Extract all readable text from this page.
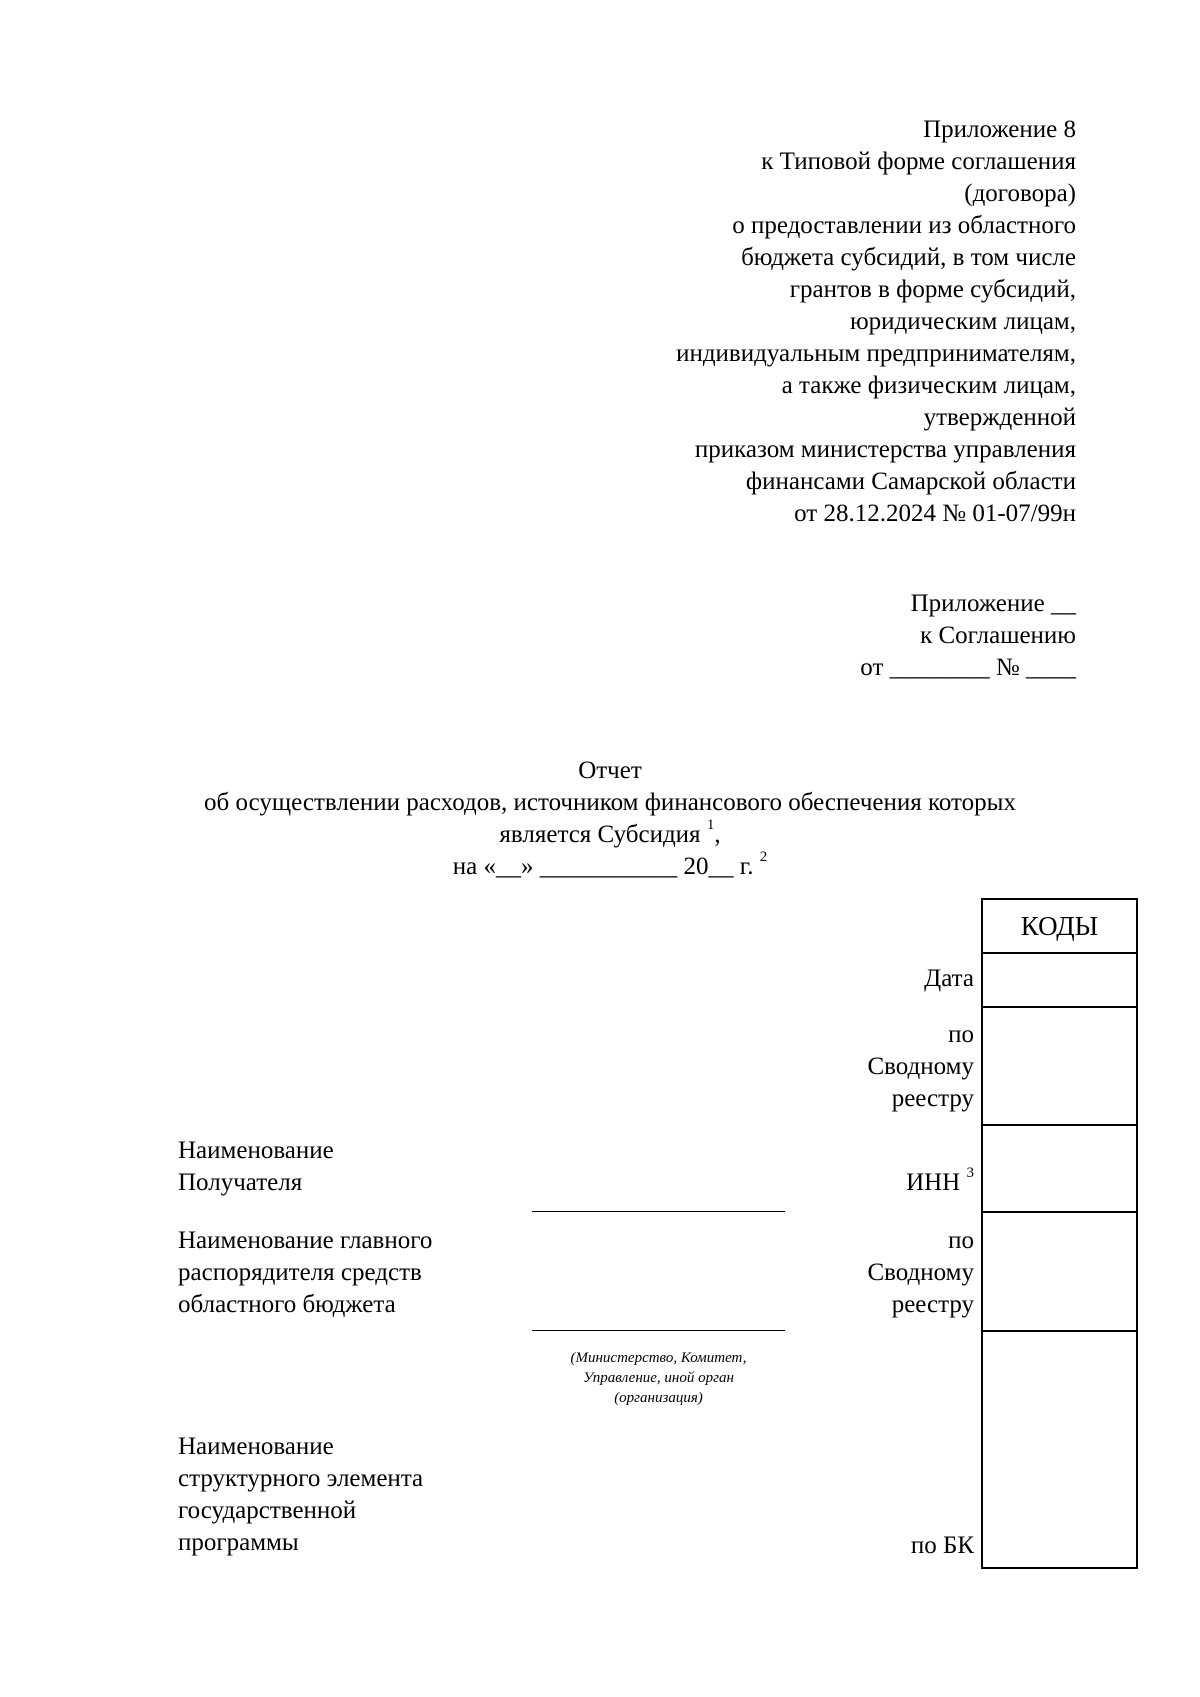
Приложение 8
к Типовой форме соглашения
(договора)
о предоставлении из областного
бюджета субсидий, в том числе
грантов в форме субсидий,
юридическим лицам,
индивидуальным предпринимателям,
а также физическим лицам,
утвержденной
приказом министерства управления
финансами Самарской области
от 28.12.2024 № 01-07/99н
Приложение __
к Соглашению
от ________ № ____
Отчет
об осуществлении расходов, источником финансового обеспечения которых
является Субсидия $^1$,
на «__» ___________ 20__ г. $^2$
КОДЫ
Дата
по
Сводному
реестру
ИНН $^3$
по
Сводному
реестру
по БК
Наименование
Получателя
Наименование главного
распорядителя средств
областного бюджета
(Министерство, Комитет,
Управление, иной орган
(организация)
Наименование
структурного элемента
государственной
программы
